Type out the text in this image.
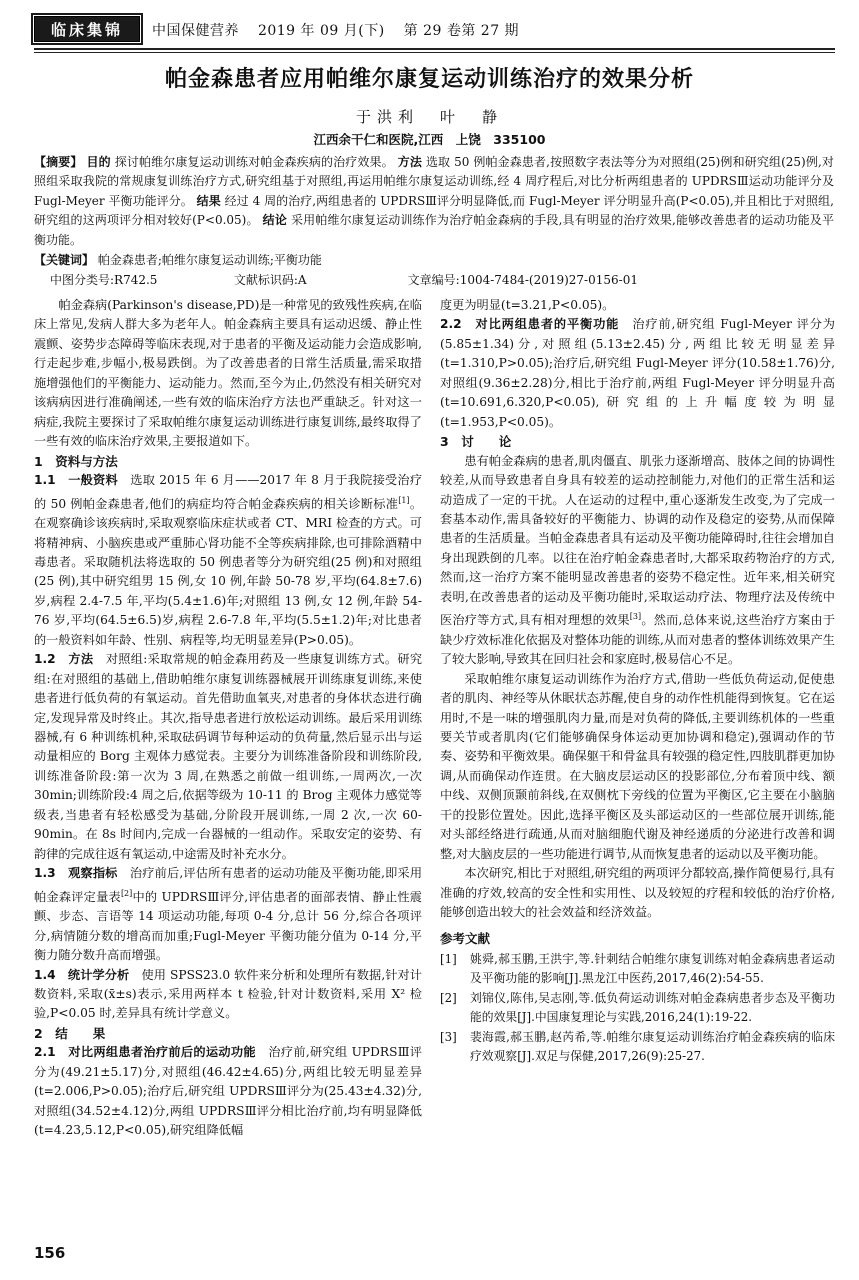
临床集锦	中国保健营养 2019 年 09 月(下) 第 29 卷第 27 期
帕金森患者应用帕维尔康复运动训练治疗的效果分析
于洪利　叶　静
江西余干仁和医院,江西　上饶　335100
【摘要】 目的 探讨帕维尔康复运动训练对帕金森疾病的治疗效果。 方法 选取 50 例帕金森患者,按照数字表法等分为对照组(25)例和研究组(25)例,对照组采取我院的常规康复训练治疗方式,研究组基于对照组,再运用帕维尔康复运动训练,经 4 周疗程后,对比分析两组患者的 UPDRSⅢ运动功能评分及 Fugl-Meyer 平衡功能评分。 结果 经过 4 周的治疗,两组患者的 UPDRSⅢ评分明显降低,而 Fugl-Meyer 评分明显升高(P<0.05),并且相比于对照组,研究组的这两项评分相对较好(P<0.05)。 结论 采用帕维尔康复运动训练作为治疗帕金森病的手段,具有明显的治疗效果,能够改善患者的运动功能及平衡功能。
【关键词】 帕金森患者;帕维尔康复运动训练;平衡功能
中图分类号:R742.5	文献标识码:A	文章编号:1004-7484-(2019)27-0156-01

帕金森病(Parkinson's disease,PD)是一种常见的致残性疾病,在临床上常见,发病人群大多为老年人。帕金森病主要具有运动迟缓、静止性震颤、姿势步态障碍等临床表现,对于患者的平衡及运动能力会造成影响,行走起步难,步幅小,极易跌倒。为了改善患者的日常生活质量,需采取措施增强他们的平衡能力、运动能力。然而,至今为止,仍然没有相关研究对该病病因进行准确阐述,一些有效的临床治疗方法也严重缺乏。针对这一病症,我院主要探讨了采取帕维尔康复运动训练进行康复训练,最终取得了一些有效的临床治疗效果,主要报道如下。

1　资料与方法

1.1　一般资料　 选取 2015 年 6 月——2017 年 8 月于我院接受治疗的 50 例帕金森患者,他们的病症均符合帕金森疾病的相关诊断标准[1]。在观察确诊该疾病时,采取观察临床症状或者 CT、MRI 检查的方式。可将精神病、小脑疾患或严重肺心肾功能不全等疾病排除,也可排除酒精中毒患者。采取随机法将选取的 50 例患者等分为研究组(25 例)和对照组(25 例),其中研究组男 15 例,女 10 例,年龄 50-78 岁,平均(64.8±7.6)岁,病程 2.4-7.5 年,平均(5.4±1.6)年;对照组 13 例,女 12 例,年龄 54-76 岁,平均(64.5±6.5)岁,病程 2.6-7.8 年,平均(5.5±1.2)年;对比患者的一般资料如年龄、性别、病程等,均无明显差异(P>0.05)。

1.2　方法　 对照组:采取常规的帕金森用药及一些康复训练方式。研究组:在对照组的基础上,借助帕维尔康复训练器械展开训练康复训练,来使患者进行低负荷的有氧运动。首先借助血氧夹,对患者的身体状态进行确定,发现异常及时终止。其次,指导患者进行放松运动训练。最后采用训练器械,有 6 种训练机种,采取砝码调节每种运动的负荷量,然后显示出与运动量相应的 Borg 主观体力感觉表。主要分为训练准备阶段和训练阶段,训练准备阶段:第一次为 3 周,在熟悉之前做一组训练,一周两次,一次 30min;训练阶段:4 周之后,依据等级为 10-11 的 Brog 主观体力感觉等级表,当患者有轻松感受为基础,分阶段开展训练,一周 2 次,一次 60-90min。在 8s 时间内,完成一台器械的一组动作。采取安定的姿势、有韵律的完成往返有氧运动,中途需及时补充水分。

1.3　观察指标　 治疗前后,评估所有患者的运动功能及平衡功能,即采用帕金森评定量表[2]中的 UPDRSⅢ评分,评估患者的面部表情、静止性震颤、步态、言语等 14 项运动功能,每项 0-4 分,总计 56 分,综合各项评分,病情随分数的增高而加重;Fugl-Meyer 平衡功能分值为 0-14 分,平衡力随分数升高而增强。

1.4　统计学分析　 使用 SPSS23.0 软件来分析和处理所有数据,针对计数资料,采取(x̄±s)表示,采用两样本 t 检验,针对计数资料,采用 X² 检验,P<0.05 时,差异具有统计学意义。

2　结　　果

2.1　对比两组患者治疗前后的运动功能　 治疗前,研究组 UPDRSⅢ评分为(49.21±5.17)分,对照组(46.42±4.65)分,两组比较无明显差异(t=2.006,P>0.05);治疗后,研究组 UPDRSⅢ评分为(25.43±4.32)分,对照组(34.52±4.12)分,两组 UPDRSⅢ评分相比治疗前,均有明显降低(t=4.23,5.12,P<0.05),研究组降低幅

度更为明显(t=3.21,P<0.05)。

2.2　对比两组患者的平衡功能　 治疗前,研究组 Fugl-Meyer 评分为(5.85±1.34)分,对照组(5.13±2.45)分,两组比较无明显差异(t=1.310,P>0.05);治疗后,研究组 Fugl-Meyer 评分(10.58±1.76)分,对照组(9.36±2.28)分,相比于治疗前,两组 Fugl-Meyer 评分明显升高(t=10.691,6.320,P<0.05),研究组的上升幅度较为明显(t=1.953,P<0.05)。

3　讨　　论

患有帕金森病的患者,肌肉僵直、肌张力逐渐增高、肢体之间的协调性较差,从而导致患者自身具有较差的运动控制能力,对他们的正常生活和运动造成了一定的干扰。人在运动的过程中,重心逐渐发生改变,为了完成一套基本动作,需具备较好的平衡能力、协调的动作及稳定的姿势,从而保障患者的生活质量。当帕金森患者具有运动及平衡功能障碍时,往往会增加自身出现跌倒的几率。以往在治疗帕金森患者时,大都采取药物治疗的方式,然而,这一治疗方案不能明显改善患者的姿势不稳定性。近年来,相关研究表明,在改善患者的运动及平衡功能时,采取运动疗法、物理疗法及传统中医治疗等方式,具有相对理想的效果[3]。然而,总体来说,这些治疗方案由于缺少疗效标准化依据及对整体功能的训练,从而对患者的整体训练效果产生了较大影响,导致其在回归社会和家庭时,极易信心不足。

采取帕维尔康复运动训练作为治疗方式,借助一些低负荷运动,促使患者的肌肉、神经等从休眠状态苏醒,使自身的动作性机能得到恢复。它在运用时,不是一味的增强肌肉力量,而是对负荷的降低,主要训练机体的一些重要关节或者肌肉(它们能够确保身体运动更加协调和稳定),强调动作的节奏、姿势和平衡效果。确保躯干和骨盆具有较强的稳定性,四肢肌群更加协调,从而确保动作连贯。在大脑皮层运动区的投影部位,分布着顶中线、额中线、双侧顶颞前斜线,在双侧枕下旁线的位置为平衡区,它主要在小脑脑干的投影位置处。因此,选择平衡区及头部运动区的一些部位展开训练,能对头部经络进行疏通,从而对脑细胞代谢及神经递质的分泌进行改善和调整,对大脑皮层的一些功能进行调节,从而恢复患者的运动以及平衡功能。

本次研究,相比于对照组,研究组的两项评分都较高,操作简便易行,具有准确的疗效,较高的安全性和实用性、以及较短的疗程和较低的治疗价格,能够创造出较大的社会效益和经济效益。

参考文献
[1]	姚舜,郝玉鹏,王洪宇,等.针刺结合帕维尔康复训练对帕金森病患者运动及平衡功能的影响[J].黑龙江中医药,2017,46(2):54-55.
[2]	刘锦仪,陈伟,吴志刚,等.低负荷运动训练对帕金森病患者步态及平衡功能的效果[J].中国康复理论与实践,2016,24(1):19-22.
[3]	裴海霞,郝玉鹏,赵芮希,等.帕维尔康复运动训练治疗帕金森疾病的临床疗效观察[J].双足与保健,2017,26(9):25-27.
156
